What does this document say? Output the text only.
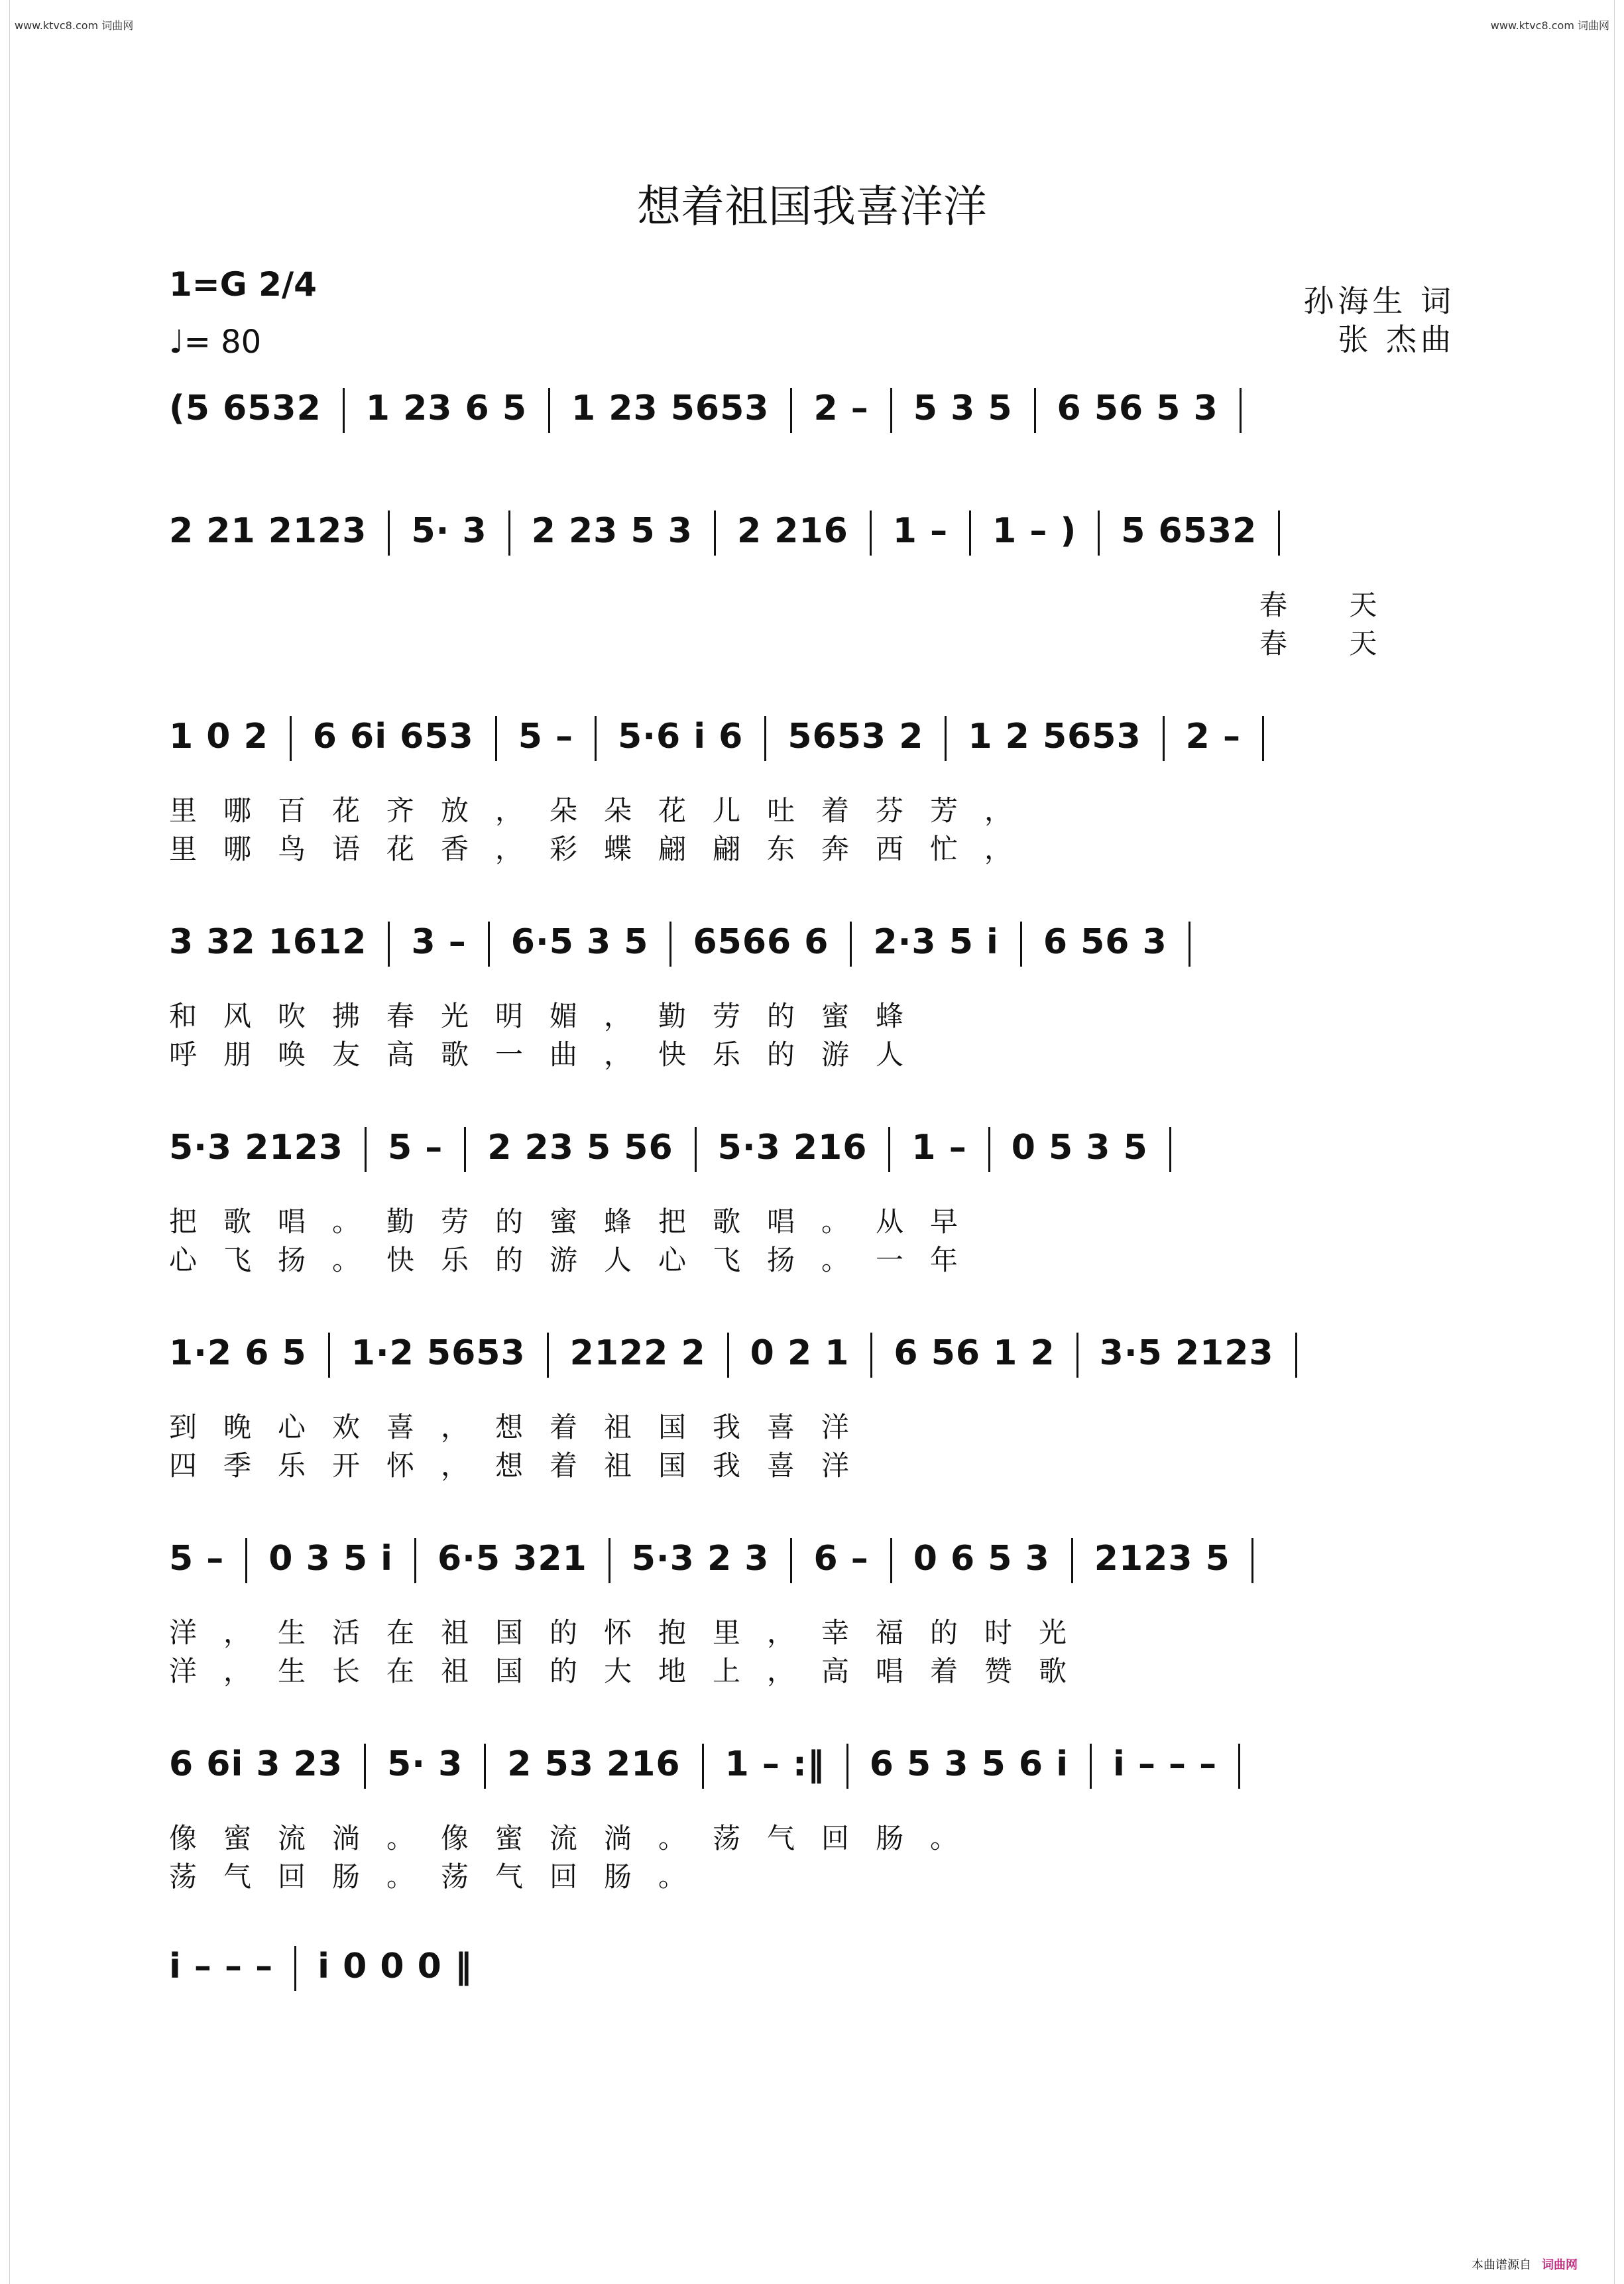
www.ktvc8.com 词曲网	www.ktvc8.com 词曲网
想着祖国我喜洋洋
1=G 2/4
♩= 80
孙海生 词
张 杰曲
(5 6532 1 23 6 5 1 23 5653 2 – 5 3 5 6 56 5 3
2 21 2123 5· 3 2 23 5 3 2 216 1 – 1 – ) 5 6532
春 天
春 天
1 0 2 6 6i 653 5 – 5·6 i 6 5653 2 1 2 5653 2 –
里哪百花齐放，朵朵花儿吐着芬芳，
里哪鸟语花香，彩蝶翩翩东奔西忙，
3 32 1612 3 – 6·5 3 5 6566 6 2·3 5 i 6 56 3
和风吹拂春光明媚，勤劳的蜜蜂
呼朋唤友高歌一曲，快乐的游人
5·3 2123 5 – 2 23 5 56 5·3 216 1 – 0 5 3 5
把歌唱。勤劳的蜜蜂把歌唱。从早
心飞扬。快乐的游人心飞扬。一年
1·2 6 5 1·2 5653 2122 2 0 2 1 6 56 1 2 3·5 2123
到晚心欢喜，想着祖国我喜洋
四季乐开怀，想着祖国我喜洋
5 – 0 3 5 i 6·5 321 5·3 2 3 6 – 0 6 5 3 2123 5
洋，生活在祖国的怀抱里，幸福的时光
洋，生长在祖国的大地上，高唱着赞歌
6 6i 3 23 5· 3 2 53 216 1 – :‖ 6 5 3 5 6 i i – – –
像蜜流淌。像蜜流淌。荡气回肠。
荡气回肠。荡气回肠。
i – – – i 0 0 0 ‖
本曲谱源自 词曲网
